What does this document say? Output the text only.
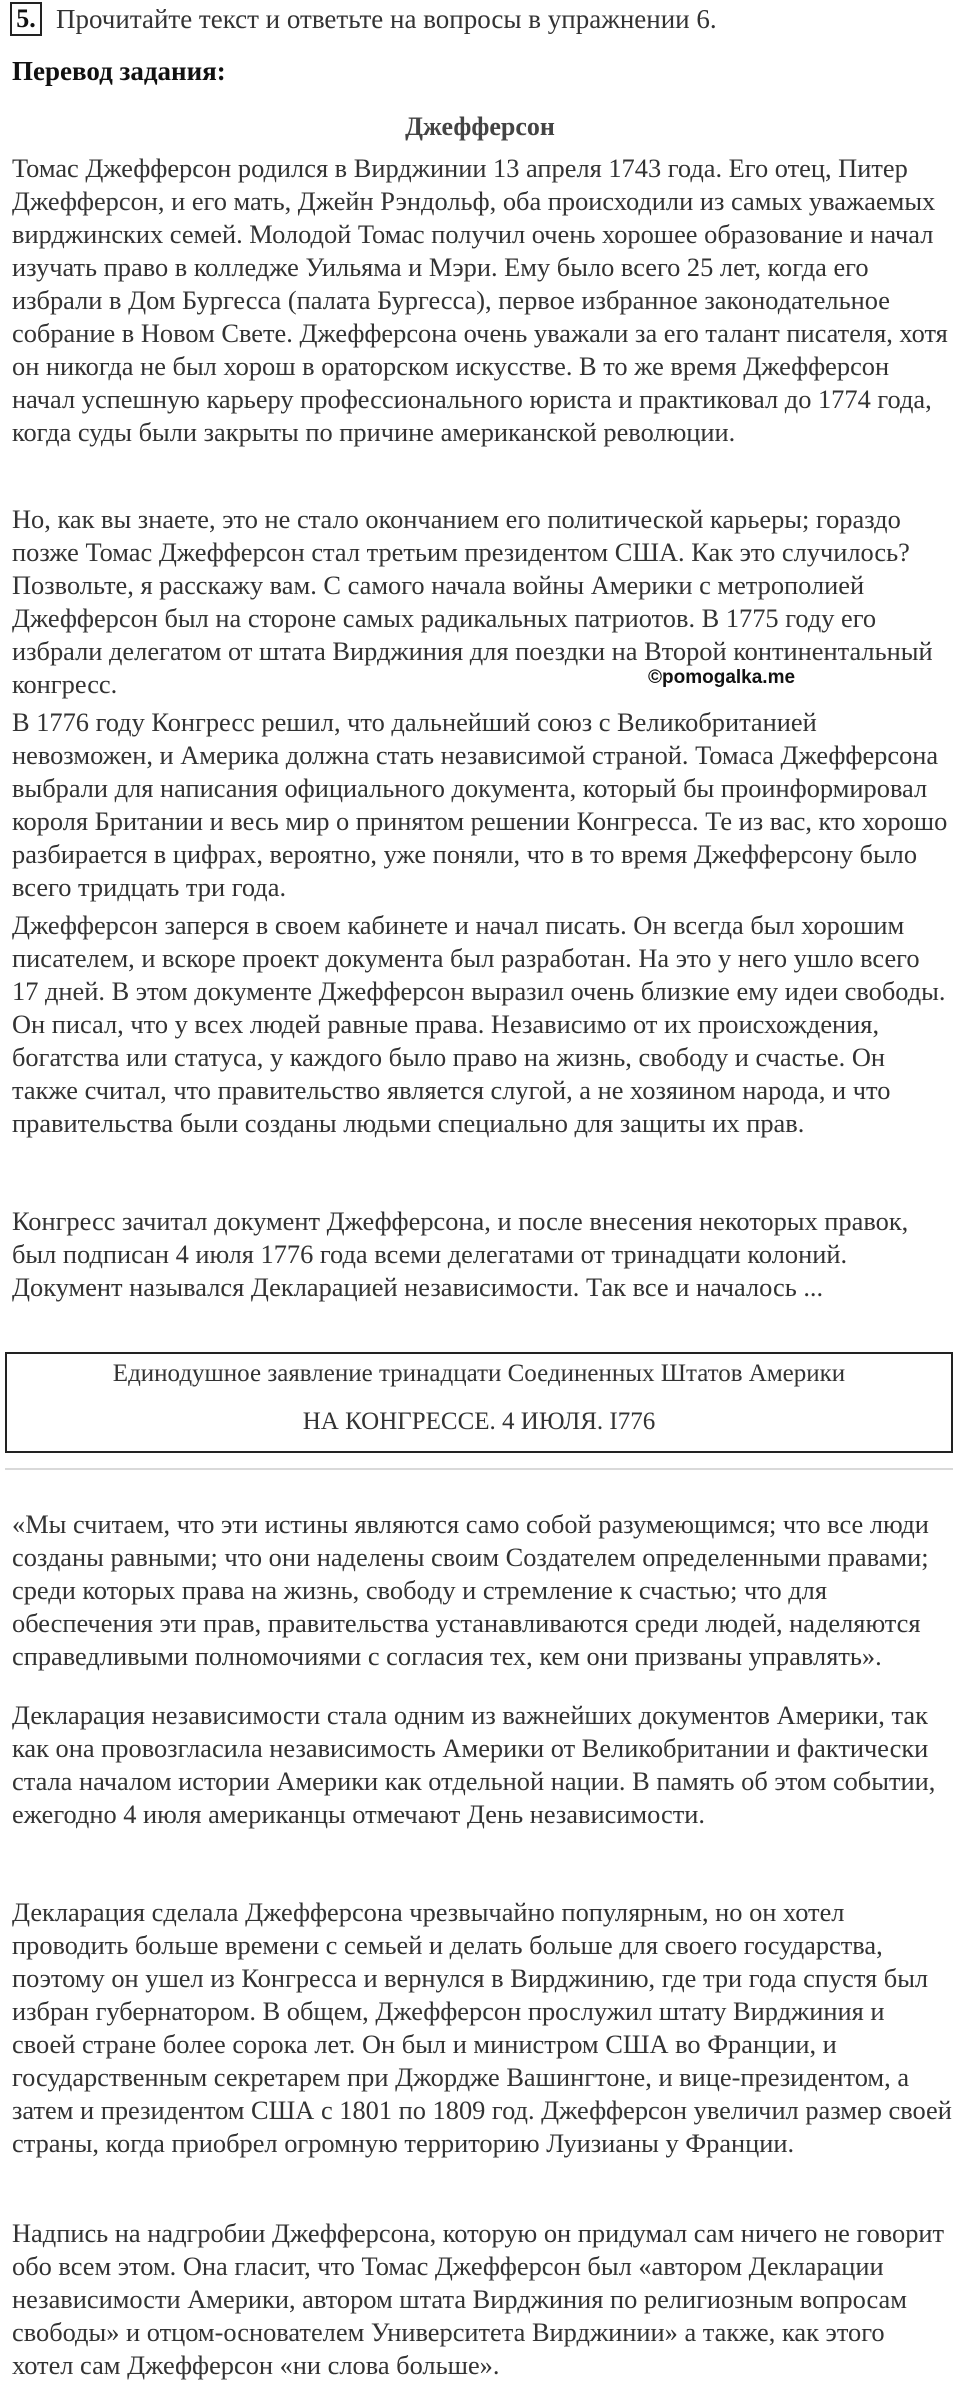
5. Прочитайте текст и ответьте на вопросы в упражнении 6.
Перевод задания:
Джефферсон

Томас Джефферсон родился в Вирджинии 13 апреля 1743 года. Его отец, Питер Джефферсон, и его мать, Джейн Рэндольф, оба происходили из самых уважаемых вирджинских семей. Молодой Томас получил очень хорошее образование и начал изучать право в колледже Уильяма и Мэри. Ему было всего 25 лет, когда его избрали в Дом Бургесса (палата Бургесса), первое избранное законодательное собрание в Новом Свете. Джефферсона очень уважали за его талант писателя, хотя он никогда не был хорош в ораторском искусстве. В то же время Джефферсон начал успешную карьеру профессионального юриста и практиковал до 1774 года, когда суды были закрыты по причине американской революции.

Но, как вы знаете, это не стало окончанием его политической карьеры; гораздо позже Томас Джефферсон стал третьим президентом США. Как это случилось? Позвольте, я расскажу вам. С самого начала войны Америки с метрополией Джефферсон был на стороне самых радикальных патриотов. В 1775 году его избрали делегатом от штата Вирджиния для поездки на Второй континентальный конгресс.

В 1776 году Конгресс решил, что дальнейший союз с Великобританией невозможен, и Америка должна стать независимой страной. Томаса Джефферсона выбрали для написания официального документа, который бы проинформировал короля Британии и весь мир о принятом решении Конгресса. Те из вас, кто хорошо разбирается в цифрах, вероятно, уже поняли, что в то время Джефферсону было всего тридцать три года.

Джефферсон заперся в своем кабинете и начал писать. Он всегда был хорошим писателем, и вскоре проект документа был разработан. На это у него ушло всего 17 дней. В этом документе Джефферсон выразил очень близкие ему идеи свободы. Он писал, что у всех людей равные права. Независимо от их происхождения, богатства или статуса, у каждого было право на жизнь, свободу и счастье. Он также считал, что правительство является слугой, а не хозяином народа, и что правительства были созданы людьми специально для защиты их прав.

Конгресс зачитал документ Джефферсона, и после внесения некоторых правок, был подписан 4 июля 1776 года всеми делегатами от тринадцати колоний. Документ назывался Декларацией независимости. Так все и началось ...

©pomogalka.me
Единодушное заявление тринадцати Соединенных Штатов Америки
НА КОНГРЕССЕ. 4 ИЮЛЯ. I776

«Мы считаем, что эти истины являются само собой разумеющимся; что все люди созданы равными; что они наделены своим Создателем определенными правами; среди которых права на жизнь, свободу и стремление к счастью; что для обеспечения эти прав, правительства устанавливаются среди людей, наделяются справедливыми полномочиями с согласия тех, кем они призваны управлять».

Декларация независимости стала одним из важнейших документов Америки, так как она провозгласила независимость Америки от Великобритании и фактически стала началом истории Америки как отдельной нации. В память об этом событии, ежегодно 4 июля американцы отмечают День независимости.

Декларация сделала Джефферсона чрезвычайно популярным, но он хотел проводить больше времени с семьей и делать больше для своего государства, поэтому он ушел из Конгресса и вернулся в Вирджинию, где три года спустя был избран губернатором. В общем, Джефферсон прослужил штату Вирджиния и своей стране более сорока лет. Он был и министром США во Франции, и государственным секретарем при Джордже Вашингтоне, и вице-президентом, а затем и президентом США с 1801 по 1809 год. Джефферсон увеличил размер своей страны, когда приобрел огромную территорию Луизианы у Франции.

Надпись на надгробии Джефферсона, которую он придумал сам ничего не говорит обо всем этом. Она гласит, что Томас Джефферсон был «автором Декларации независимости Америки, автором штата Вирджиния по религиозным вопросам свободы» и отцом-основателем Университета Вирджинии» а также, как этого хотел сам Джефферсон «ни слова больше».
